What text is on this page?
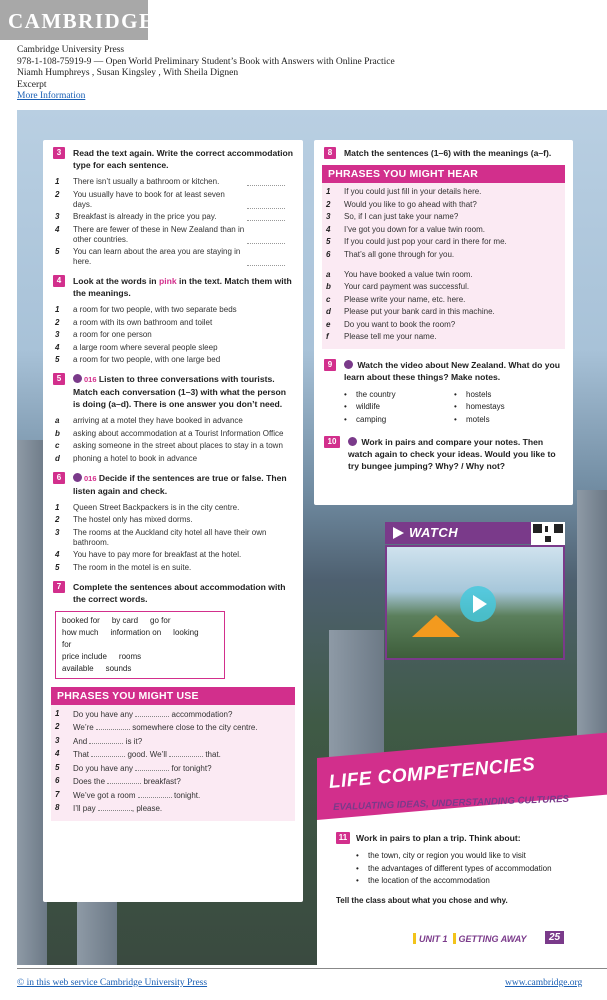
CAMBRIDGE
Cambridge University Press
978-1-108-75919-9 — Open World Preliminary Student’s Book with Answers with Online Practice
Niamh Humphreys , Susan Kingsley , With Sheila Dignen
Excerpt
More Information
3	Read the text again. Write the correct accommodation type for each sentence.
1 There isn’t usually a bathroom or kitchen.
2 You usually have to book for at least seven days.
3 Breakfast is already in the price you pay.
4 There are fewer of these in New Zealand than in other countries.
5 You can learn about the area you are staying in here.
4	Look at the words in pink in the text. Match them with the meanings.
1 a room for two people, with two separate beds
2 a room with its own bathroom and toilet
3 a room for one person
4 a large room where several people sleep
5 a room for two people, with one large bed
5	016 Listen to three conversations with tourists. Match each conversation (1–3) with what the person is doing (a–d). There is one answer you don’t need.
a arriving at a motel they have booked in advance
b asking about accommodation at a Tourist Information Office
c asking someone in the street about places to stay in a town
d phoning a hotel to book in advance
6	016 Decide if the sentences are true or false. Then listen again and check.
1 Queen Street Backpackers is in the city centre.
2 The hostel only has mixed dorms.
3 The rooms at the Auckland city hotel all have their own bathroom.
4 You have to pay more for breakfast at the hotel.
5 The room in the motel is en suite.
7	Complete the sentences about accommodation with the correct words.
booked for by card go for
how much information on looking for
price include rooms available sounds
PHRASES YOU MIGHT USE
1 Do you have any	accommodation?
2 We’re	somewhere close to the city centre.
3 And	is it?
4 That	good. We’ll	that.
5 Do you have any	for tonight?
6 Does the	breakfast?
7 We’ve got a room	tonight.
8 I’ll pay	, please.
8	Match the sentences (1–6) with the meanings (a–f).
PHRASES YOU MIGHT HEAR
1 If you could just fill in your details here.
2 Would you like to go ahead with that?
3 So, if I can just take your name?
4 I’ve got you down for a value twin room.
5 If you could just pop your card in there for me.
6 That’s all gone through for you.
a You have booked a value twin room.
b Your card payment was successful.
c Please write your name, etc. here.
d Please put your bank card in this machine.
e Do you want to book the room?
f Please tell me your name.
9	Watch the video about New Zealand. What do you learn about these things? Make notes.
• the country
• wildlife
• camping
• hostels
• homestays
• motels
10	Work in pairs and compare your notes. Then watch again to check your ideas. Would you like to try bungee jumping? Why? / Why not?
WATCH
LIFE COMPETENCIES
EVALUATING IDEAS, UNDERSTANDING CULTURES
11	Work in pairs to plan a trip. Think about:
• the town, city or region you would like to visit
• the advantages of different types of accommodation
• the location of the accommodation
Tell the class about what you chose and why.
UNIT 1 GETTING AWAY	25
© in this web service Cambridge University Press	www.cambridge.org
